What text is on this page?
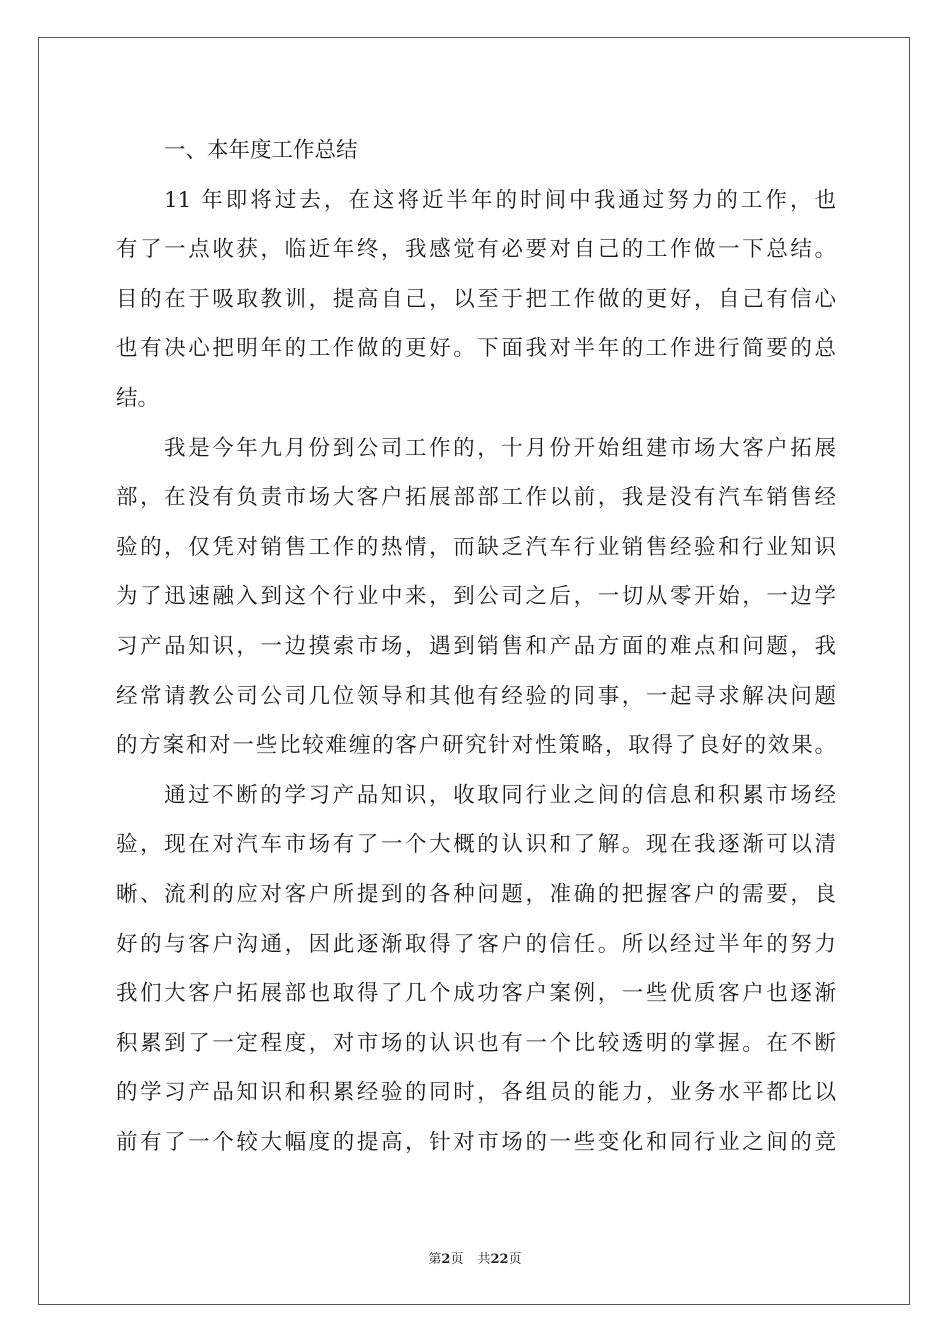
一、本年度工作总结
11 年即将过去，在这将近半年的时间中我通过努力的工作，也
有了一点收获，临近年终，我感觉有必要对自己的工作做一下总结。
目的在于吸取教训，提高自己，以至于把工作做的更好，自己有信心
也有决心把明年的工作做的更好。下面我对半年的工作进行简要的总
结。
我是今年九月份到公司工作的，十月份开始组建市场大客户拓展
部，在没有负责市场大客户拓展部部工作以前，我是没有汽车销售经
验的，仅凭对销售工作的热情，而缺乏汽车行业销售经验和行业知识
为了迅速融入到这个行业中来，到公司之后，一切从零开始，一边学
习产品知识，一边摸索市场，遇到销售和产品方面的难点和问题，我
经常请教公司公司几位领导和其他有经验的同事，一起寻求解决问题
的方案和对一些比较难缠的客户研究针对性策略，取得了良好的效果。
通过不断的学习产品知识，收取同行业之间的信息和积累市场经
验，现在对汽车市场有了一个大概的认识和了解。现在我逐渐可以清
晰、流利的应对客户所提到的各种问题，准确的把握客户的需要，良
好的与客户沟通，因此逐渐取得了客户的信任。所以经过半年的努力
我们大客户拓展部也取得了几个成功客户案例，一些优质客户也逐渐
积累到了一定程度，对市场的认识也有一个比较透明的掌握。在不断
的学习产品知识和积累经验的同时，各组员的能力，业务水平都比以
前有了一个较大幅度的提高，针对市场的一些变化和同行业之间的竞
第2页 共22页
